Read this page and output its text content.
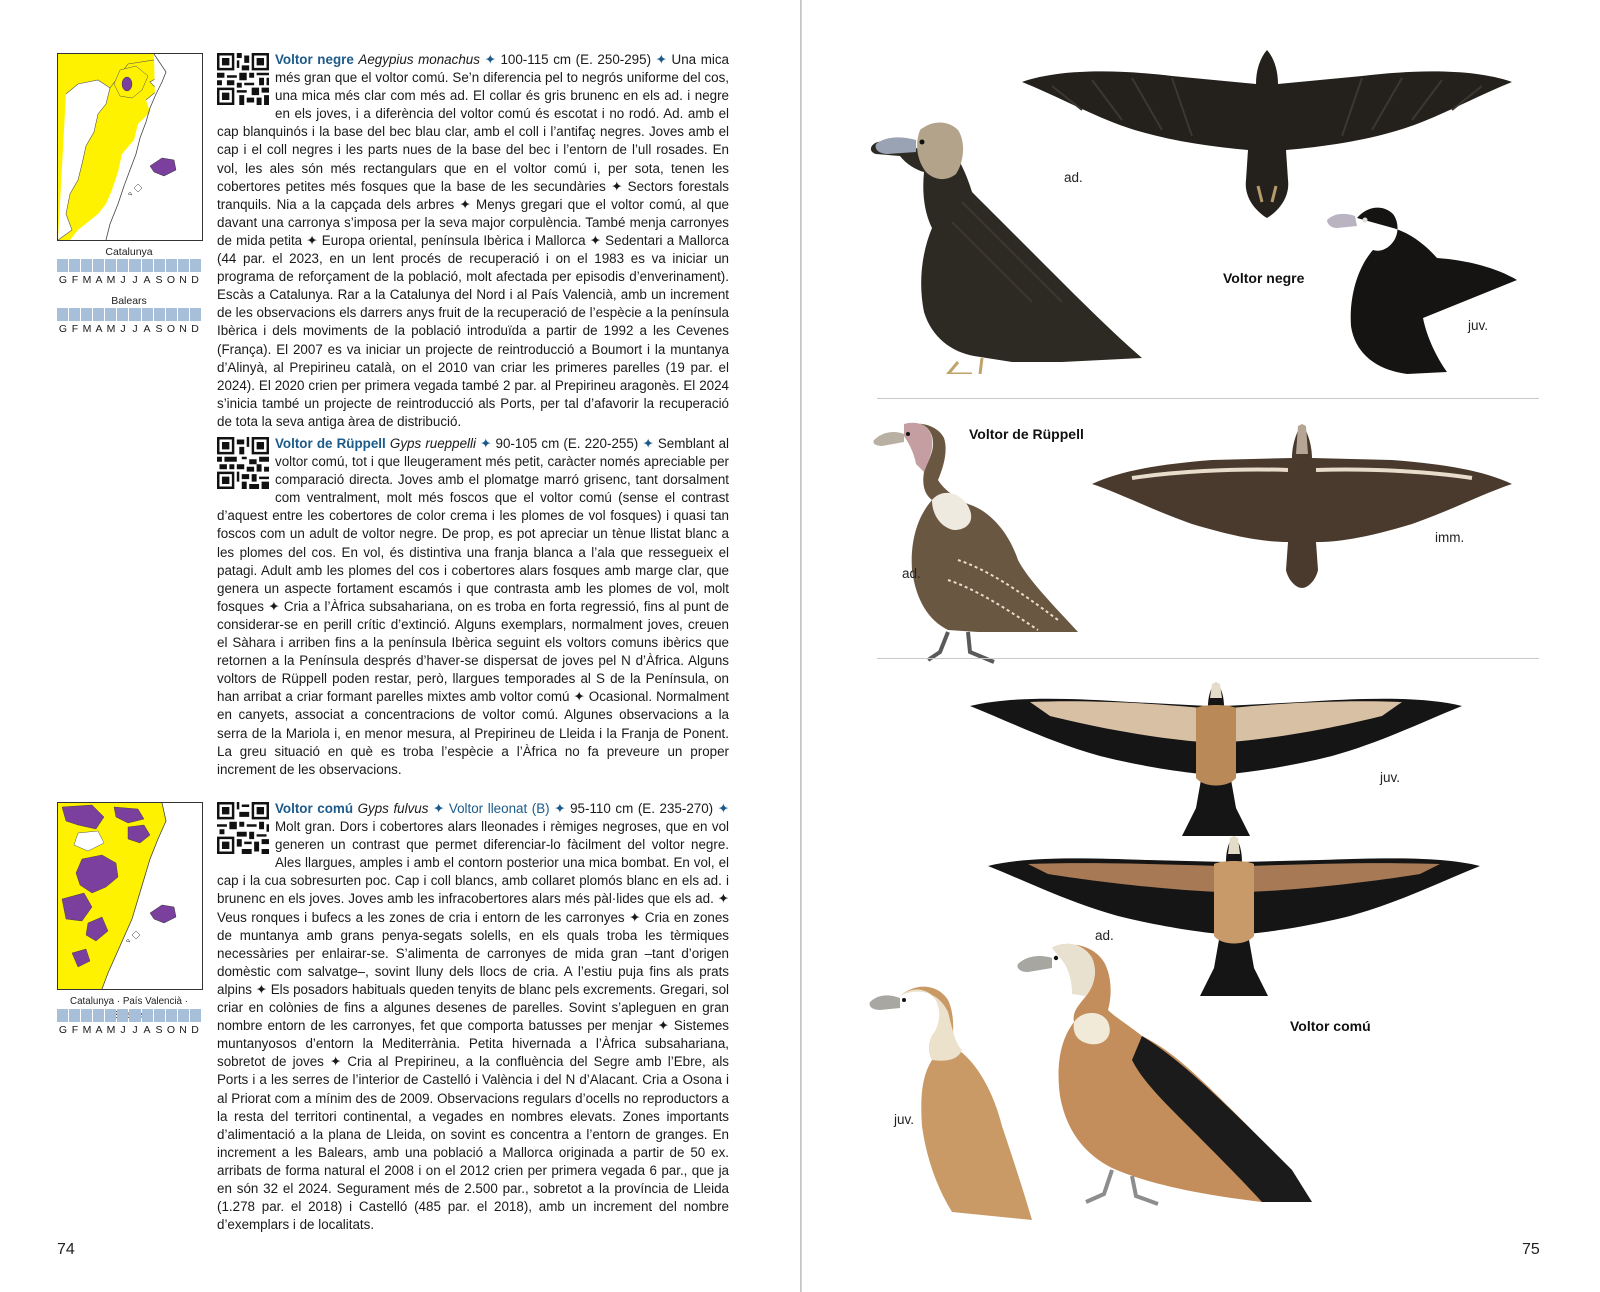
Catalunya
G F M A M J J A S O N D
Balears
G F M A M J J A S O N D
Catalunya · País Valencià ·
G F M A M J J A S O N D
Voltor negre Aegypius monachus ✦ 100-115 cm (E. 250-295) ✦ Una mica més gran que el voltor comú. Se’n diferencia pel to negrós uniforme del cos, una mica més clar com més ad. El collar és gris brunenc en els ad. i negre en els joves, i a diferència del voltor comú és escotat i no rodó. Ad. amb el cap blanquinós i la base del bec blau clar, amb el coll i l’antifaç negres. Joves amb el cap i el coll negres i les parts nues de la base del bec i l’entorn de l’ull rosades. En vol, les ales són més rectangulars que en el voltor comú i, per sota, tenen les cobertores petites més fosques que la base de les secundàries ✦ Sectors forestals tranquils. Nia a la capçada dels arbres ✦ Menys gregari que el voltor comú, al que davant una carronya s’imposa per la seva major corpulència. També menja carronyes de mida petita ✦ Europa oriental, península Ibèrica i Mallorca ✦ Sedentari a Mallorca (44 par. el 2023, en un lent procés de recuperació i on el 1983 es va iniciar un programa de reforçament de la població, molt afectada per episodis d’enverinament). Escàs a Catalunya. Rar a la Catalunya del Nord i al País Valencià, amb un increment de les observacions els darrers anys fruit de la recuperació de l’espècie a la península Ibèrica i dels moviments de la població introduïda a partir de 1992 a les Cevenes (França). El 2007 es va iniciar un projecte de reintroducció a Boumort i la muntanya d’Alinyà, al Prepirineu català, on el 2010 van criar les primeres parelles (19 par. el 2024). El 2020 crien per primera vegada també 2 par. al Prepirineu aragonès. El 2024 s’inicia també un projecte de reintroducció als Ports, per tal d’afavorir la recuperació de tota la seva antiga àrea de distribució.
Voltor de Rüppell Gyps rueppelli ✦ 90-105 cm (E. 220-255) ✦ Semblant al voltor comú, tot i que lleugerament més petit, caràcter només apreciable per comparació directa. Joves amb el plomatge marró grisenc, tant dorsalment com ventralment, molt més foscos que el voltor comú (sense el contrast d’aquest entre les cobertores de color crema i les plomes de vol fosques) i quasi tan foscos com un adult de voltor negre. De prop, es pot apreciar un tènue llistat blanc a les plomes del cos. En vol, és distintiva una franja blanca a l’ala que ressegueix el patagi. Adult amb les plomes del cos i cobertores alars fosques amb marge clar, que genera un aspecte fortament escamós i que contrasta amb les plomes de vol, molt fosques ✦ Cria a l’Àfrica subsahariana, on es troba en forta regressió, fins al punt de considerar-se en perill crític d’extinció. Alguns exemplars, normalment joves, creuen el Sàhara i arriben fins a la península Ibèrica seguint els voltors comuns ibèrics que retornen a la Península després d’haver-se dispersat de joves pel N d’Àfrica. Alguns voltors de Rüppell poden restar, però, llargues temporades al S de la Península, on han arribat a criar formant parelles mixtes amb voltor comú ✦ Ocasional. Normalment en canyets, associat a concentracions de voltor comú. Algunes observacions a la serra de la Mariola i, en menor mesura, al Prepirineu de Lleida i la Franja de Ponent. La greu situació en què es troba l’espècie a l’Àfrica no fa preveure un proper increment de les observacions.
Voltor comú Gyps fulvus ✦ Voltor lleonat (B) ✦ 95-110 cm (E. 235-270) ✦ Molt gran. Dors i cobertores alars lleonades i rèmiges negroses, que en vol generen un contrast que permet diferenciar-lo fàcilment del voltor negre. Ales llargues, amples i amb el contorn posterior una mica bombat. En vol, el cap i la cua sobresurten poc. Cap i coll blancs, amb collaret plomós blanc en els ad. i brunenc en els joves. Joves amb les infracobertores alars més pàl·lides que els ad. ✦ Veus ronques i bufecs a les zones de cria i entorn de les carronyes ✦ Cria en zones de muntanya amb grans penya-segats solells, en els quals troba les tèrmiques necessàries per enlairar-se. S’alimenta de carronyes de mida gran –tant d’origen domèstic com salvatge–, sovint lluny dels llocs de cria. A l’estiu puja fins als prats alpins ✦ Els posadors habituals queden tenyits de blanc pels excrements. Gregari, sol criar en colònies de fins a algunes desenes de parelles. Sovint s’apleguen en gran nombre entorn de les carronyes, fet que comporta batusses per menjar ✦ Sistemes muntanyosos d’entorn la Mediterrània. Petita hivernada a l’Àfrica subsahariana, sobretot de joves ✦ Cria al Prepirineu, a la confluència del Segre amb l’Ebre, als Ports i a les serres de l’interior de Castelló i València i del N d’Alacant. Cria a Osona i al Priorat com a mínim des de 2009. Observacions regulars d’ocells no reproductors a la resta del territori continental, a vegades en nombres elevats. Zones importants d’alimentació a la plana de Lleida, on sovint es concentra a l’entorn de granges. En increment a les Balears, amb una població a Mallorca originada a partir de 50 ex. arribats de forma natural el 2008 i on el 2012 crien per primera vegada 6 par., que ja en són 32 el 2024. Segurament més de 2.500 par., sobretot a la província de Lleida (1.278 par. el 2018) i Castelló (485 par. el 2018), amb un increment del nombre d’exemplars i de localitats.
74
ad.
Voltor negre
juv.
Voltor de Rüppell
ad.
imm.
juv.
ad.
Voltor comú
juv.
75
